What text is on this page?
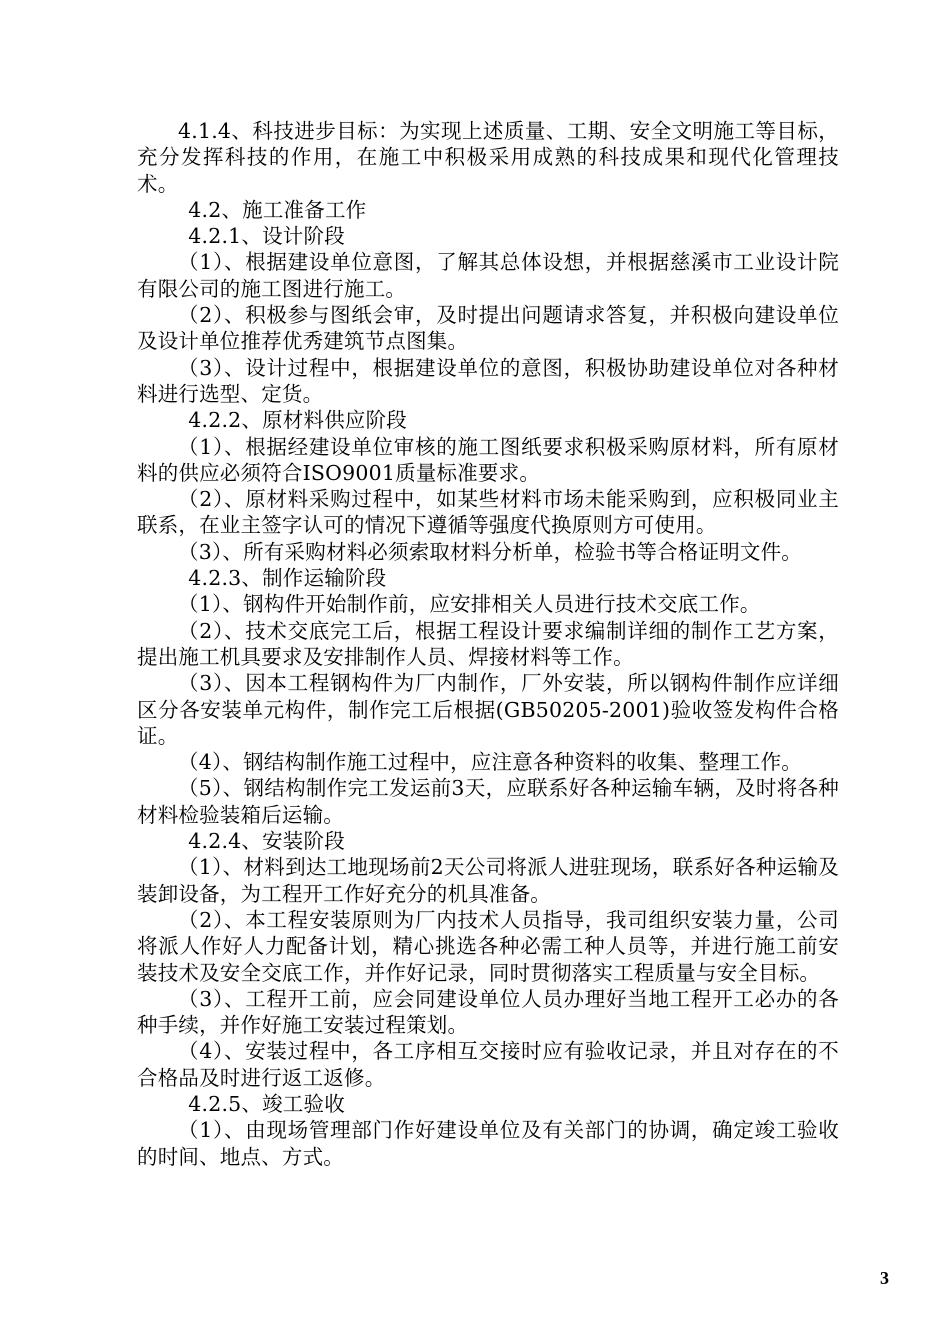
4.1.4、科技进步目标：为实现上述质量、工期、安全文明施工等目标，充分发挥科技的作用，在施工中积极采用成熟的科技成果和现代化管理技术。

4.2、施工准备工作

4.2.1、设计阶段

（1）、根据建设单位意图，了解其总体设想，并根据慈溪市工业设计院有限公司的施工图进行施工。

（2）、积极参与图纸会审，及时提出问题请求答复，并积极向建设单位及设计单位推荐优秀建筑节点图集。

（3）、设计过程中，根据建设单位的意图，积极协助建设单位对各种材料进行选型、定货。

4.2.2、原材料供应阶段

（1）、根据经建设单位审核的施工图纸要求积极采购原材料，所有原材料的供应必须符合ISO9001质量标准要求。

（2）、原材料采购过程中，如某些材料市场未能采购到，应积极同业主联系，在业主签字认可的情况下遵循等强度代换原则方可使用。

（3）、所有采购材料必须索取材料分析单，检验书等合格证明文件。

4.2.3、制作运输阶段

（1）、钢构件开始制作前，应安排相关人员进行技术交底工作。

（2）、技术交底完工后，根据工程设计要求编制详细的制作工艺方案，提出施工机具要求及安排制作人员、焊接材料等工作。

（3）、因本工程钢构件为厂内制作，厂外安装，所以钢构件制作应详细区分各安装单元构件，制作完工后根据(GB50205-2001)验收签发构件合格证。

（4）、钢结构制作施工过程中，应注意各种资料的收集、整理工作。

（5）、钢结构制作完工发运前3天，应联系好各种运输车辆，及时将各种材料检验装箱后运输。

4.2.4、安装阶段

（1）、材料到达工地现场前2天公司将派人进驻现场，联系好各种运输及装卸设备，为工程开工作好充分的机具准备。

（2）、本工程安装原则为厂内技术人员指导，我司组织安装力量，公司将派人作好人力配备计划，精心挑选各种必需工种人员等，并进行施工前安装技术及安全交底工作，并作好记录，同时贯彻落实工程质量与安全目标。

（3）、工程开工前，应会同建设单位人员办理好当地工程开工必办的各种手续，并作好施工安装过程策划。

（4）、安装过程中，各工序相互交接时应有验收记录，并且对存在的不合格品及时进行返工返修。

4.2.5、竣工验收

（1）、由现场管理部门作好建设单位及有关部门的协调，确定竣工验收的时间、地点、方式。

3
